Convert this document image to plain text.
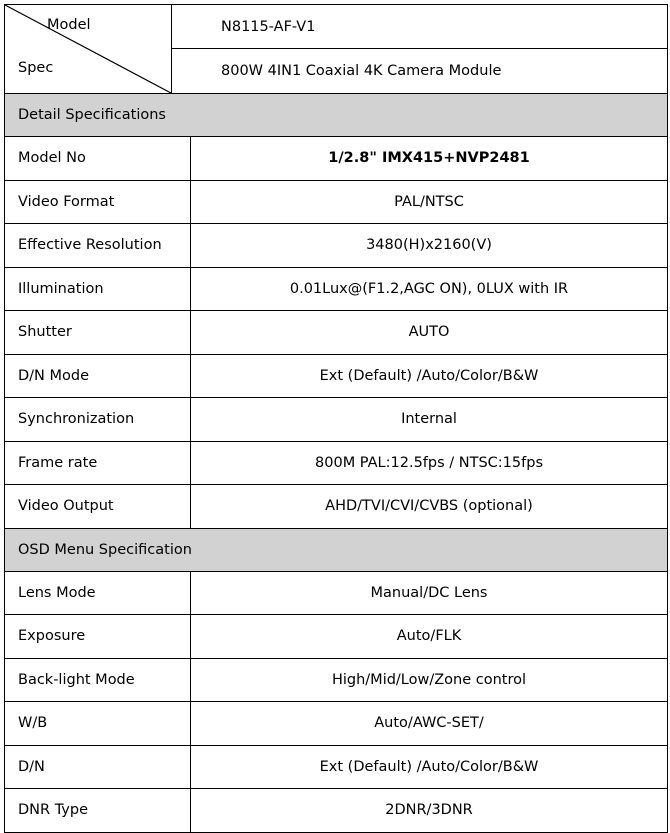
Model
Spec	N8115-AF-V1	
	800W 4IN1 Coaxial 4K Camera Module	
Detail Specifications		
Model No		1/2.8" IMX415+NVP2481
Video Format		PAL/NTSC
Effective Resolution		3480(H)x2160(V)
Illumination		0.01Lux@(F1.2,AGC ON), 0LUX with IR
Shutter		AUTO
D/N Mode		Ext (Default) /Auto/Color/B&W
Synchronization		Internal
Frame rate		800M PAL:12.5fps / NTSC:15fps
Video Output		AHD/TVI/CVI/CVBS (optional)
OSD Menu Specification		
Lens Mode		Manual/DC Lens
Exposure		Auto/FLK
Back-light Mode		High/Mid/Low/Zone control
W/B		Auto/AWC-SET/
D/N		Ext (Default) /Auto/Color/B&W
DNR Type		2DNR/3DNR
